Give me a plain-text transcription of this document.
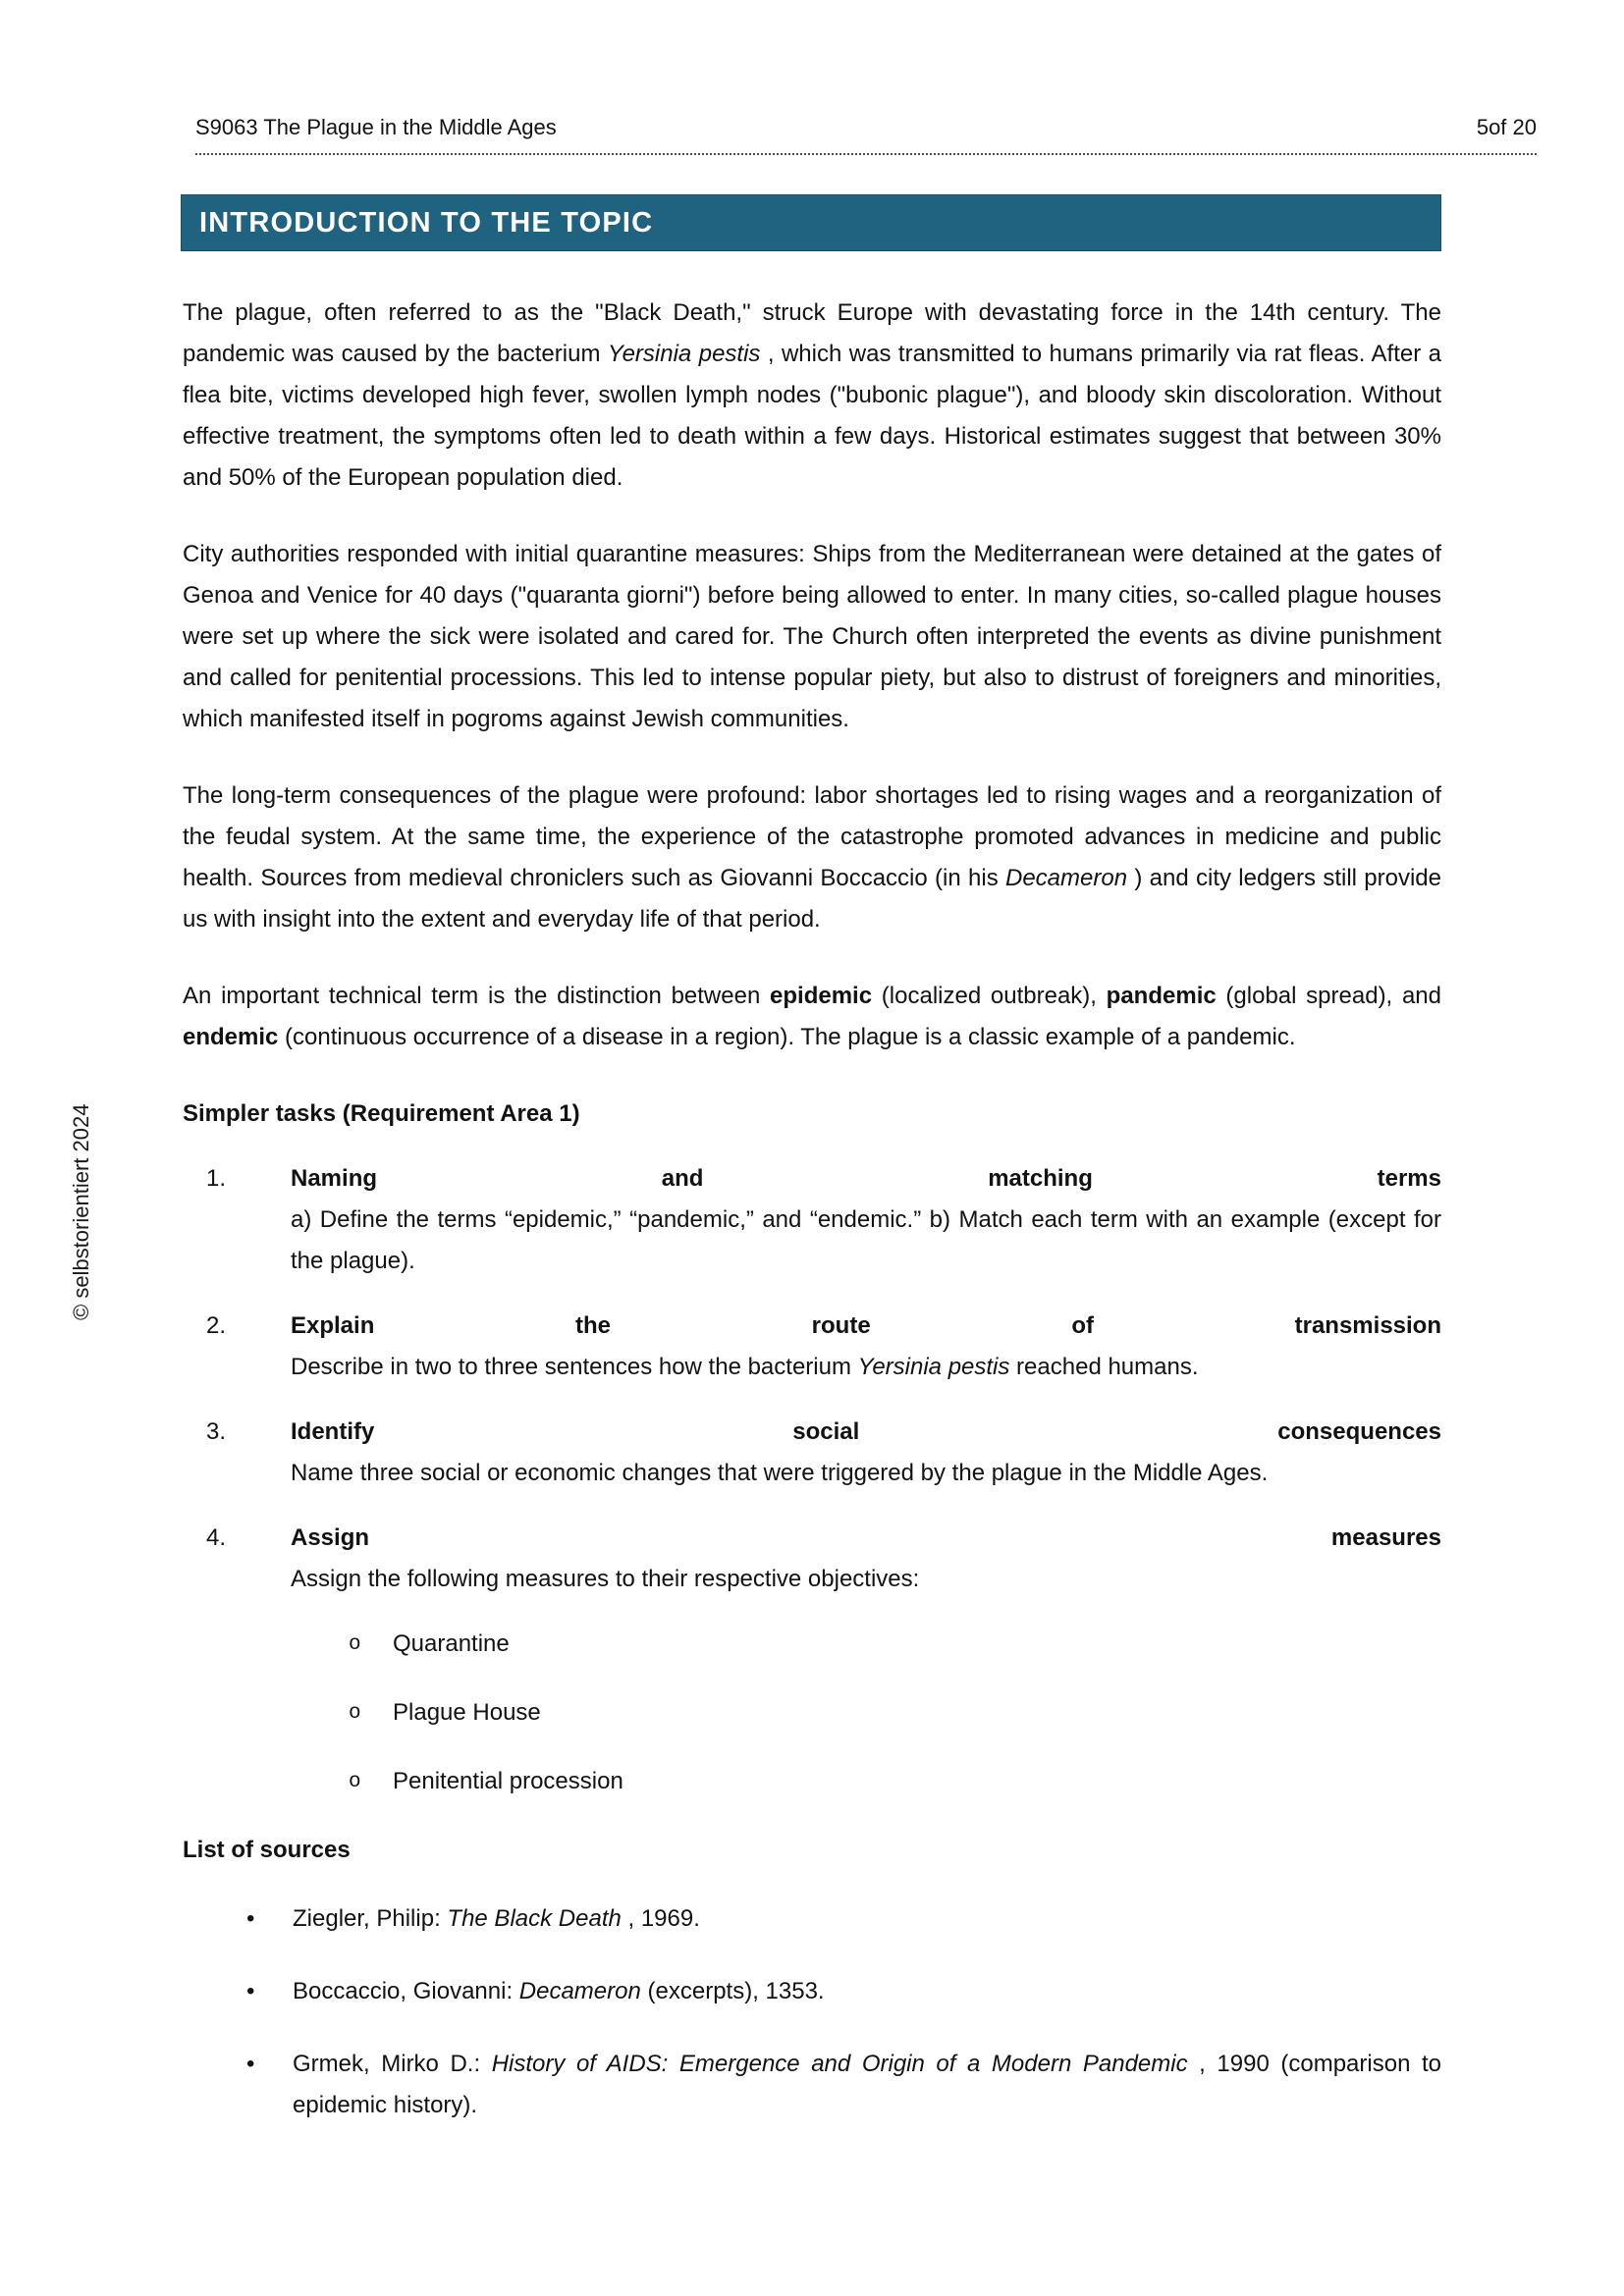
S9063 The Plague in the Middle Ages	5of 20
INTRODUCTION TO THE TOPIC
© selbstorientiert 2024

The plague, often referred to as the "Black Death," struck Europe with devastating force in the 14th century. The pandemic was caused by the bacterium Yersinia pestis , which was transmitted to humans primarily via rat fleas. After a flea bite, victims developed high fever, swollen lymph nodes ("bubonic plague"), and bloody skin discoloration. Without effective treatment, the symptoms often led to death within a few days. Historical estimates suggest that between 30% and 50% of the European population died.

City authorities responded with initial quarantine measures: Ships from the Mediterranean were detained at the gates of Genoa and Venice for 40 days ("quaranta giorni") before being allowed to enter. In many cities, so-called plague houses were set up where the sick were isolated and cared for. The Church often interpreted the events as divine punishment and called for penitential processions. This led to intense popular piety, but also to distrust of foreigners and minorities, which manifested itself in pogroms against Jewish communities.

The long-term consequences of the plague were profound: labor shortages led to rising wages and a reorganization of the feudal system. At the same time, the experience of the catastrophe promoted advances in medicine and public health. Sources from medieval chroniclers such as Giovanni Boccaccio (in his Decameron ) and city ledgers still provide us with insight into the extent and everyday life of that period.

An important technical term is the distinction between epidemic (localized outbreak), pandemic (global spread), and endemic (continuous occurrence of a disease in a region). The plague is a classic example of a pandemic.

Simpler tasks (Requirement Area 1)
1.	Naming and matching terms
a) Define the terms “epidemic,” “pandemic,” and “endemic.” b) Match each term with an example (except for the plague).
2.	Explain the route of transmission
Describe in two to three sentences how the bacterium Yersinia pestis reached humans.
3.	Identify social consequences
Name three social or economic changes that were triggered by the plague in the Middle Ages.
4.	Assign measures
Assign the following measures to their respective objectives:
o Quarantine
o Plague House
o Penitential procession
List of sources
• Ziegler, Philip: The Black Death , 1969.
• Boccaccio, Giovanni: Decameron (excerpts), 1353.
• Grmek, Mirko D.: History of AIDS: Emergence and Origin of a Modern Pandemic , 1990 (comparison to epidemic history).
